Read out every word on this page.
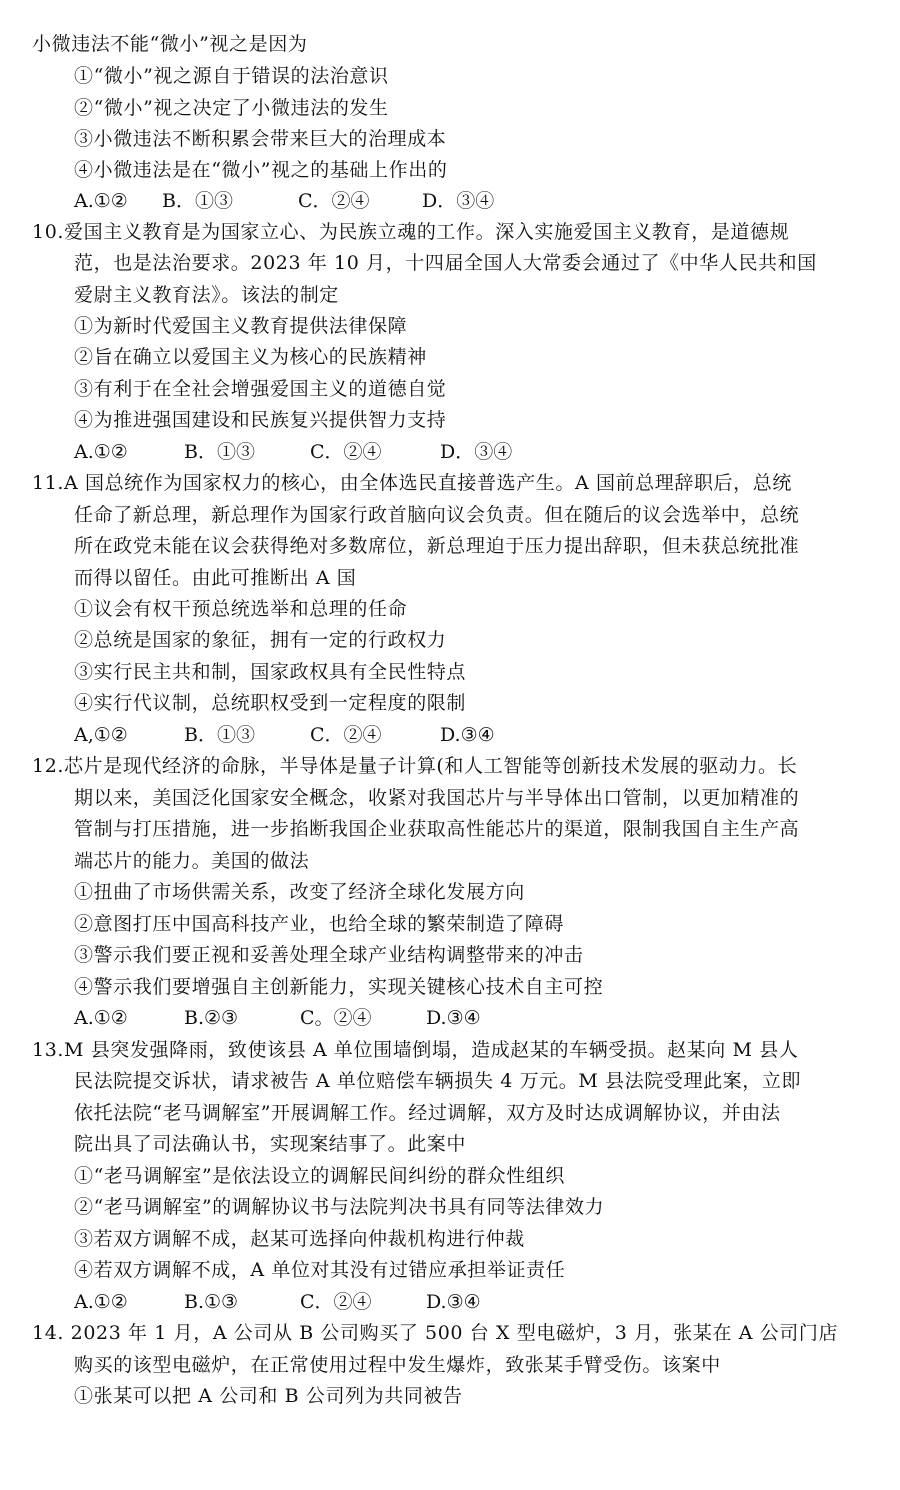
小微违法不能“微小”视之是因为
①“微小”视之源自于错误的法治意识
②“微小”视之决定了小微违法的发生
③小微违法不断积累会带来巨大的治理成本
④小微违法是在“微小”视之的基础上作出的
A.①② B．①③	C．②④	D．③④
10.爱国主义教育是为国家立心、为民族立魂的工作。深入实施爱国主义教育，是道德规
范，也是法治要求。2023 年 10 月，十四届全国人大常委会通过了《中华人民共和国
爱尉主义教育法》。该法的制定
①为新时代爱国主义教育提供法律保障
②旨在确立以爱国主义为核心的民族精神
③有利于在全社会增强爱国主义的道德自觉
④为推进强国建设和民族复兴提供智力支持
A.①②	B．①③	C．②④	D．③④
11.A 国总统作为国家权力的核心，由全体选民直接普选产生。A 国前总理辞职后，总统
任命了新总理，新总理作为国家行政首脑向议会负责。但在随后的议会选举中，总统
所在政党未能在议会获得绝对多数席位，新总理迫于压力提出辞职，但未获总统批准
而得以留任。由此可推断出 A 国
①议会有权干预总统选举和总理的任命
②总统是国家的象征，拥有一定的行政权力
③实行民主共和制，国家政权具有全民性特点
④实行代议制，总统职权受到一定程度的限制
A,①②	B．①③	C．②④	D.③④
12.芯片是现代经济的命脉，半导体是量子计算(和人工智能等创新技术发展的驱动力。长
期以来，美国泛化国家安全概念，收紧对我国芯片与半导体出口管制，以更加精准的
管制与打压措施，进一步掐断我国企业获取高性能芯片的渠道，限制我国自主生产高
端芯片的能力。美国的做法
①扭曲了市场供需关系，改变了经济全球化发展方向
②意图打压中国高科技产业，也给全球的繁荣制造了障碍
③警示我们要正视和妥善处理全球产业结构调整带来的冲击
④警示我们要增强自主创新能力，实现关键核心技术自主可控
A.①②	B.②③	C。②④	D.③④
13.M 县突发强降雨，致使该县 A 单位围墙倒塌，造成赵某的车辆受损。赵某向 M 县人
民法院提交诉状，请求被告 A 单位赔偿车辆损失 4 万元。M 县法院受理此案，立即
依托法院“老马调解室”开展调解工作。经过调解，双方及时达成调解协议，并由法
院出具了司法确认书，实现案结事了。此案中
①“老马调解室”是依法设立的调解民间纠纷的群众性组织
②“老马调解室”的调解协议书与法院判决书具有同等法律效力
③若双方调解不成，赵某可选择向仲裁机构进行仲裁
④若双方调解不成，A 单位对其没有过错应承担举证责任
A.①②	B.①③	C．②④	D.③④
14. 2023 年 1 月，A 公司从 B 公司购买了 500 台 X 型电磁炉，3 月，张某在 A 公司门店
购买的该型电磁炉，在正常使用过程中发生爆炸，致张某手臂受伤。该案中
①张某可以把 A 公司和 B 公司列为共同被告
